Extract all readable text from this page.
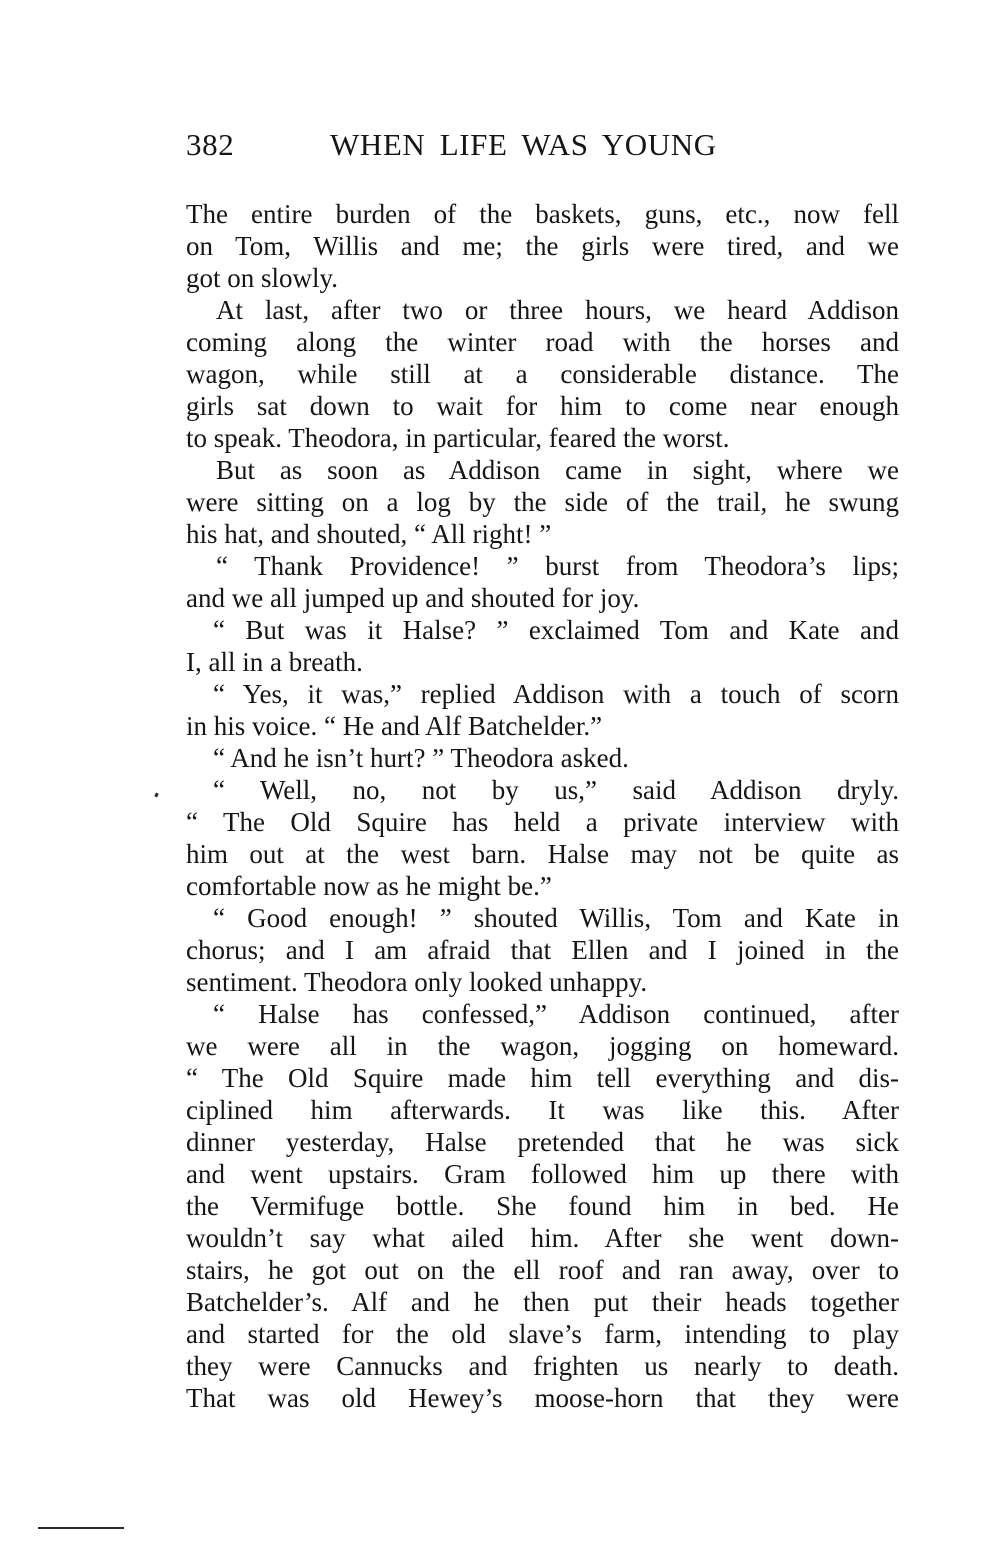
382	WHEN LIFE WAS YOUNG
The entire burden of the baskets, guns, etc., now fell
on Tom, Willis and me; the girls were tired, and we
got on slowly.
At last, after two or three hours, we heard Addison
coming along the winter road with the horses and
wagon, while still at a considerable distance. The
girls sat down to wait for him to come near enough
to speak. Theodora, in particular, feared the worst.
But as soon as Addison came in sight, where we
were sitting on a log by the side of the trail, he swung
his hat, and shouted, “ All right! ”
“ Thank Providence! ” burst from Theodora’s lips;
and we all jumped up and shouted for joy.
“ But was it Halse? ” exclaimed Tom and Kate and
I, all in a breath.
“ Yes, it was,” replied Addison with a touch of scorn
in his voice. “ He and Alf Batchelder.”
“ And he isn’t hurt? ” Theodora asked.
“ Well, no, not by us,” said Addison dryly.
“ The Old Squire has held a private interview with
him out at the west barn. Halse may not be quite as
comfortable now as he might be.”
“ Good enough! ” shouted Willis, Tom and Kate in
chorus; and I am afraid that Ellen and I joined in the
sentiment. Theodora only looked unhappy.
“ Halse has confessed,” Addison continued, after
we were all in the wagon, jogging on homeward.
“ The Old Squire made him tell everything and dis-
ciplined him afterwards. It was like this. After
dinner yesterday, Halse pretended that he was sick
and went upstairs. Gram followed him up there with
the Vermifuge bottle. She found him in bed. He
wouldn’t say what ailed him. After she went down-
stairs, he got out on the ell roof and ran away, over to
Batchelder’s. Alf and he then put their heads together
and started for the old slave’s farm, intending to play
they were Cannucks and frighten us nearly to death.
That was old Hewey’s moose-horn that they were
